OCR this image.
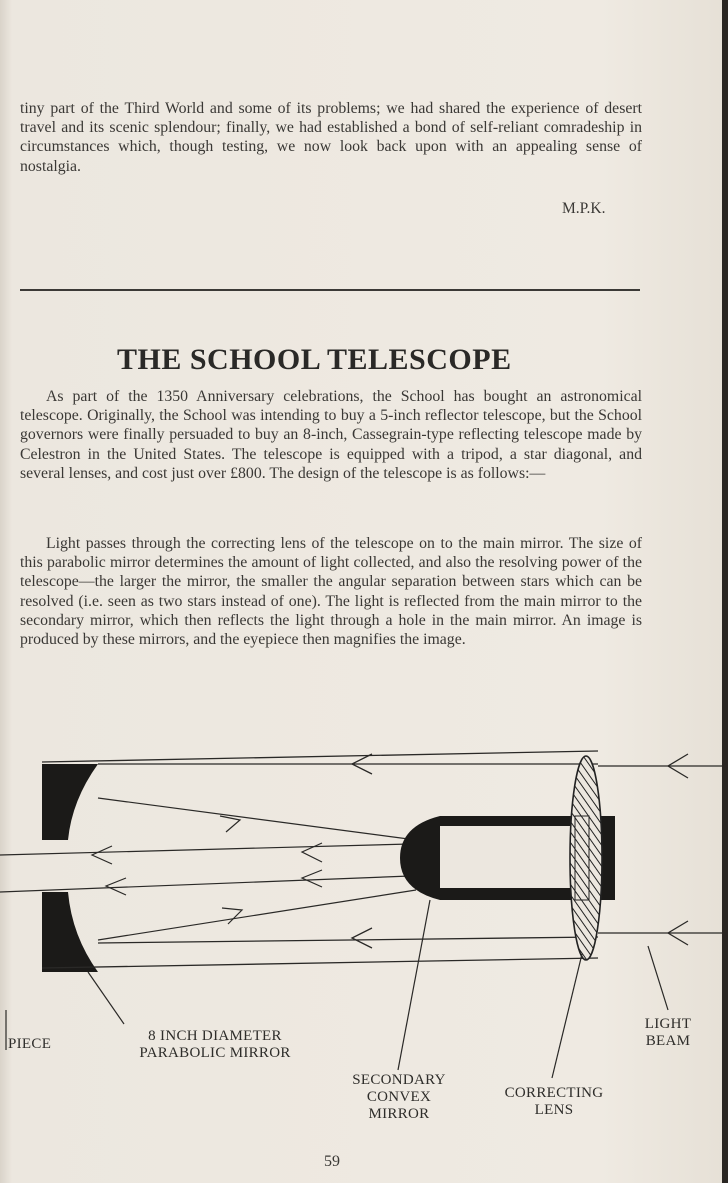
tiny part of the Third World and some of its problems; we had shared the experience of desert travel and its scenic splendour; finally, we had established a bond of self-reliant comradeship in circumstances which, though testing, we now look back upon with an appealing sense of nostalgia.

M.P.K.
THE SCHOOL TELESCOPE

As part of the 1350 Anniversary celebrations, the School has bought an astronomical telescope. Originally, the School was intending to buy a 5-inch reflector telescope, but the School governors were finally persuaded to buy an 8-inch, Cassegrain-type reflecting telescope made by Celestron in the United States. The telescope is equipped with a tripod, a star diagonal, and several lenses, and cost just over £800. The design of the telescope is as follows:—

Light passes through the correcting lens of the telescope on to the main mirror. The size of this parabolic mirror determines the amount of light collected, and also the resolving power of the telescope—the larger the mirror, the smaller the angular separation between stars which can be resolved (i.e. seen as two stars instead of one). The light is reflected from the main mirror to the secondary mirror, which then reflects the light through a hole in the main mirror. An image is produced by these mirrors, and the eyepiece then magnifies the image.

PIECE	8 INCH DIAMETER
PARABOLIC MIRROR
SECONDARY
CONVEX
MIRROR
CORRECTING
LENS
LIGHT
BEAM
59
